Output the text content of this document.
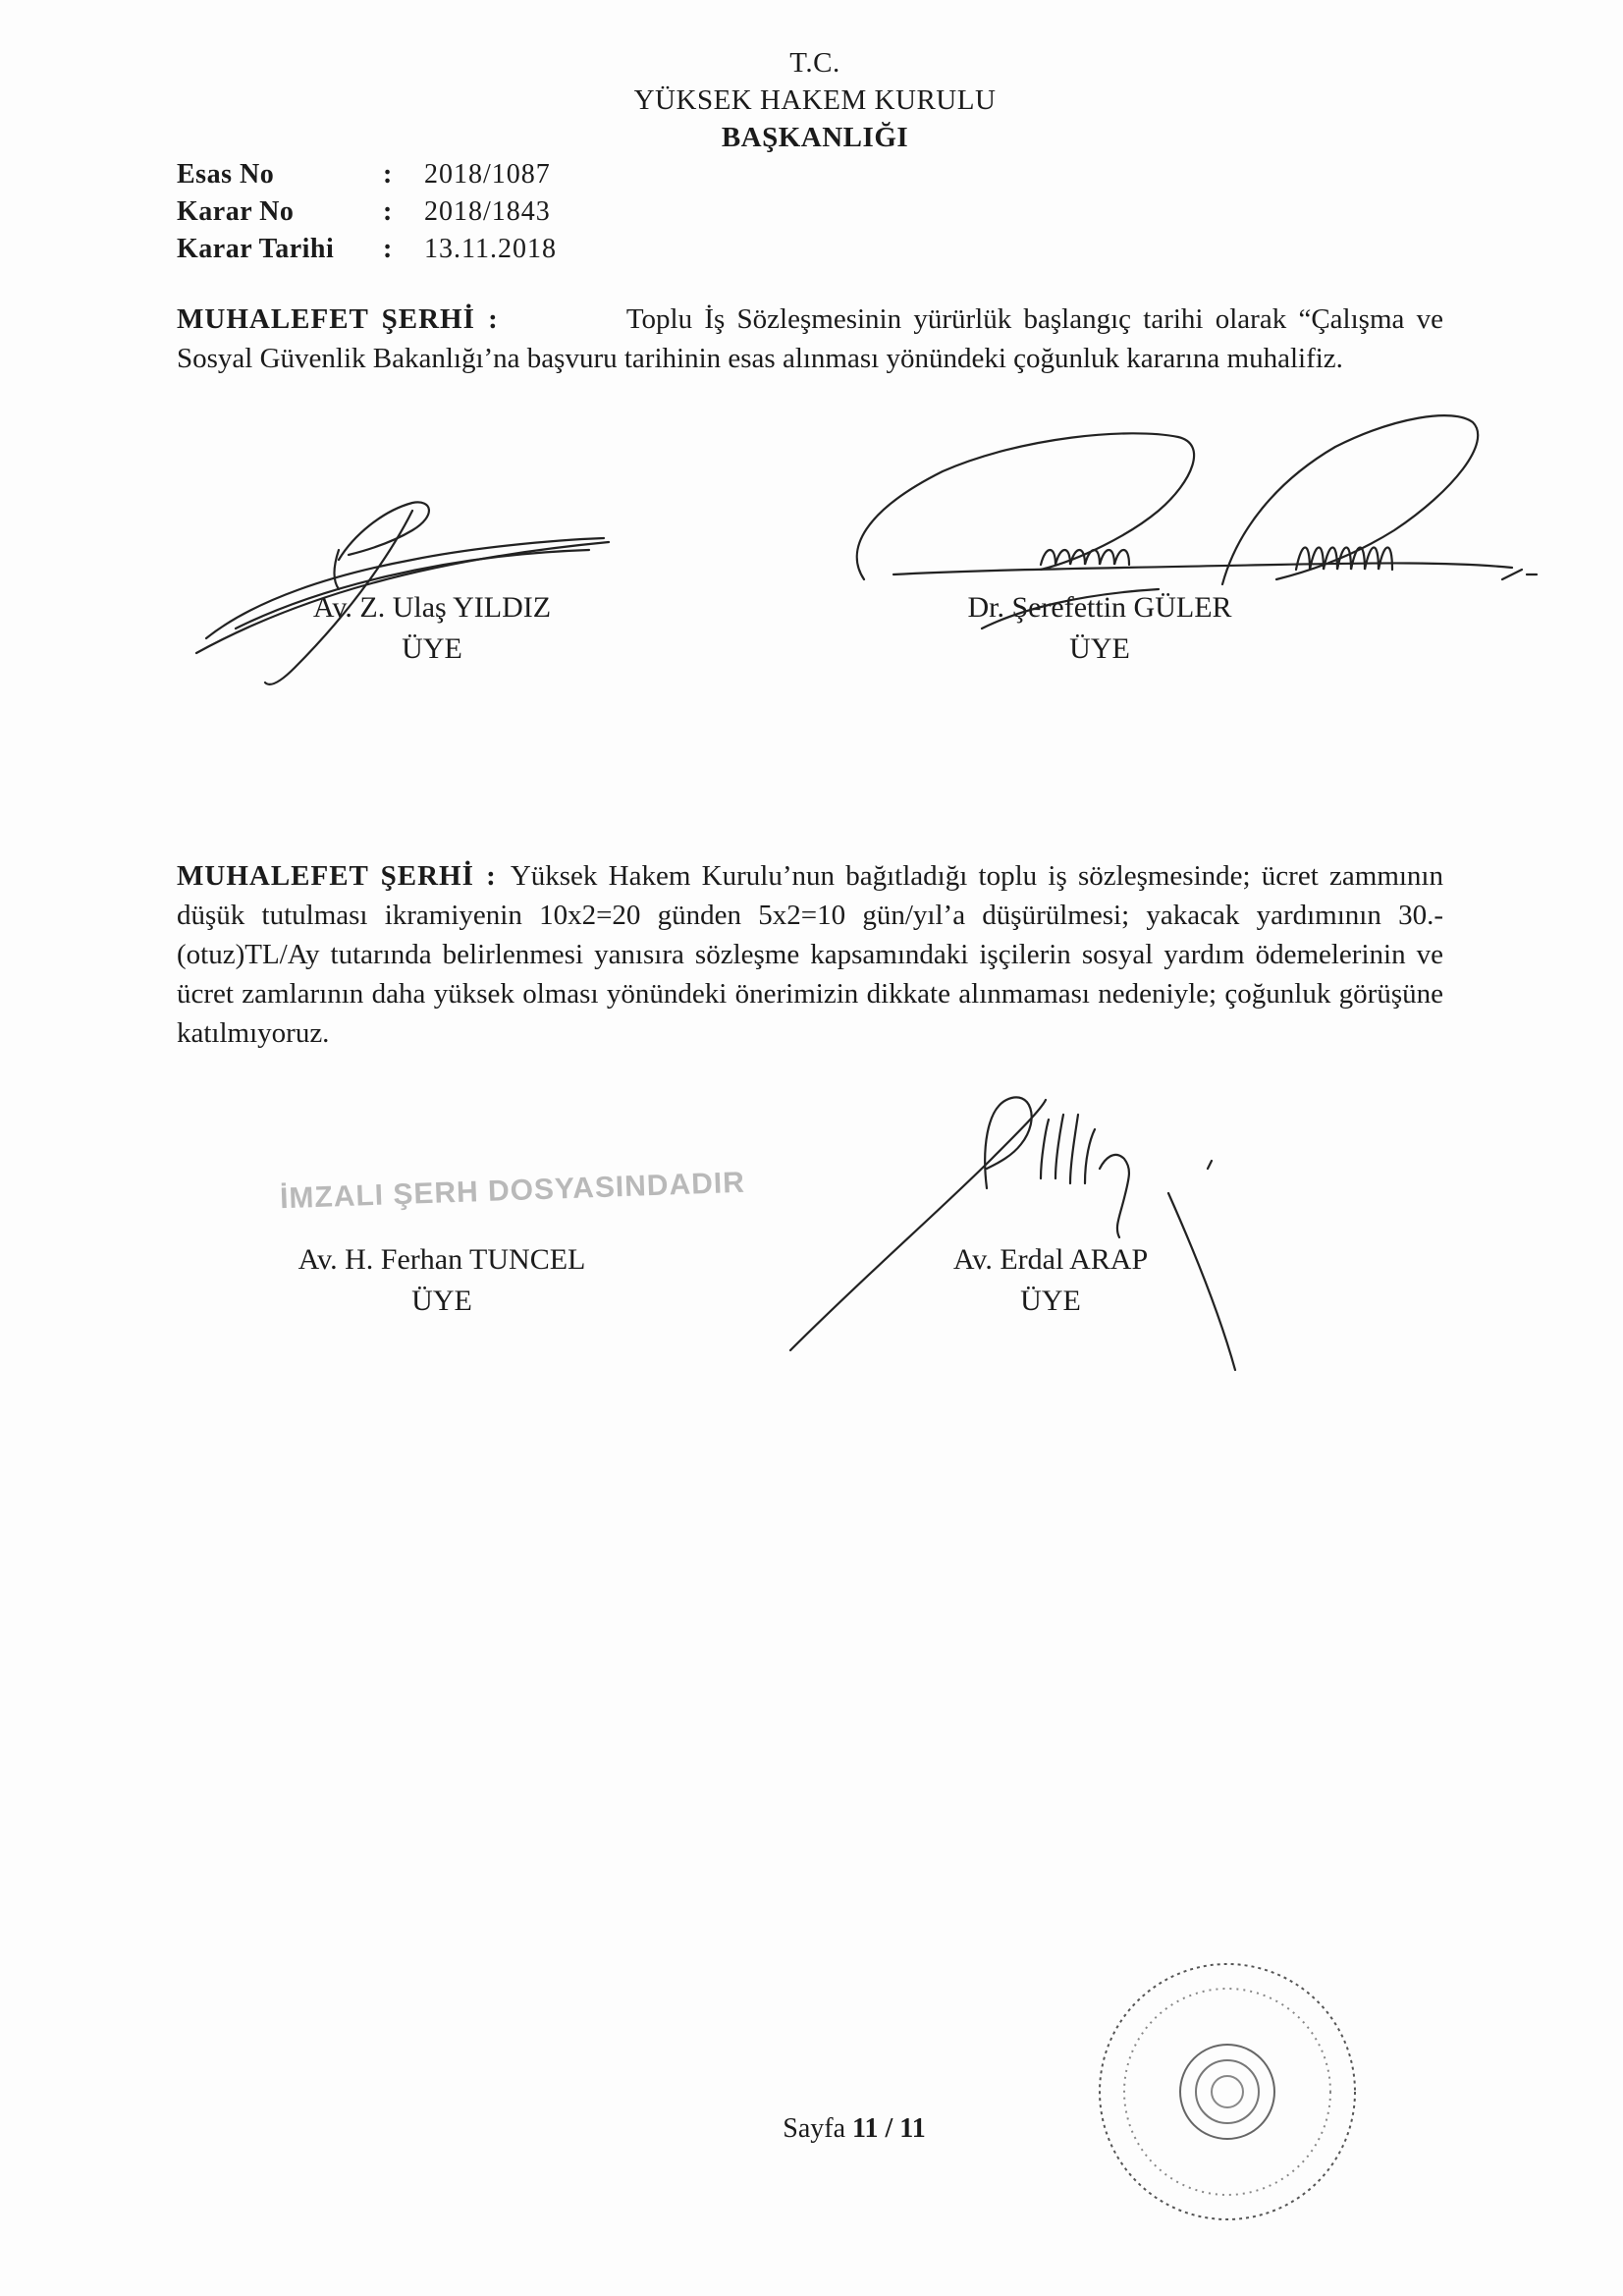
T.C.
YÜKSEK HAKEM KURULU
BAŞKANLIĞI
Esas No	: 2018/1087
Karar No	: 2018/1843
Karar Tarihi : 13.11.2018
MUHALEFET ŞERHİ :	Toplu İş Sözleşmesinin yürürlük başlangıç tarihi olarak “Çalışma ve Sosyal Güvenlik Bakanlığı’na başvuru tarihinin esas alınması yönündeki çoğunluk kararına muhalifiz.
Av. Z. Ulaş YILDIZ
ÜYE
Dr. Şerefettin GÜLER
ÜYE
MUHALEFET ŞERHİ : Yüksek Hakem Kurulu’nun bağıtladığı toplu iş sözleşmesinde; ücret zammının düşük tutulması ikramiyenin 10x2=20 günden 5x2=10 gün/yıl’a düşürülmesi; yakacak yardımının 30.-(otuz)TL/Ay tutarında belirlenmesi yanısıra sözleşme kapsamındaki işçilerin sosyal yardım ödemelerinin ve ücret zamlarının daha yüksek olması yönündeki önerimizin dikkate alınmaması nedeniyle; çoğunluk görüşüne katılmıyoruz.
İMZALI ŞERH DOSYASINDADIR
Av. H. Ferhan TUNCEL
ÜYE
Av. Erdal ARAP
ÜYE
Sayfa 11 / 11
